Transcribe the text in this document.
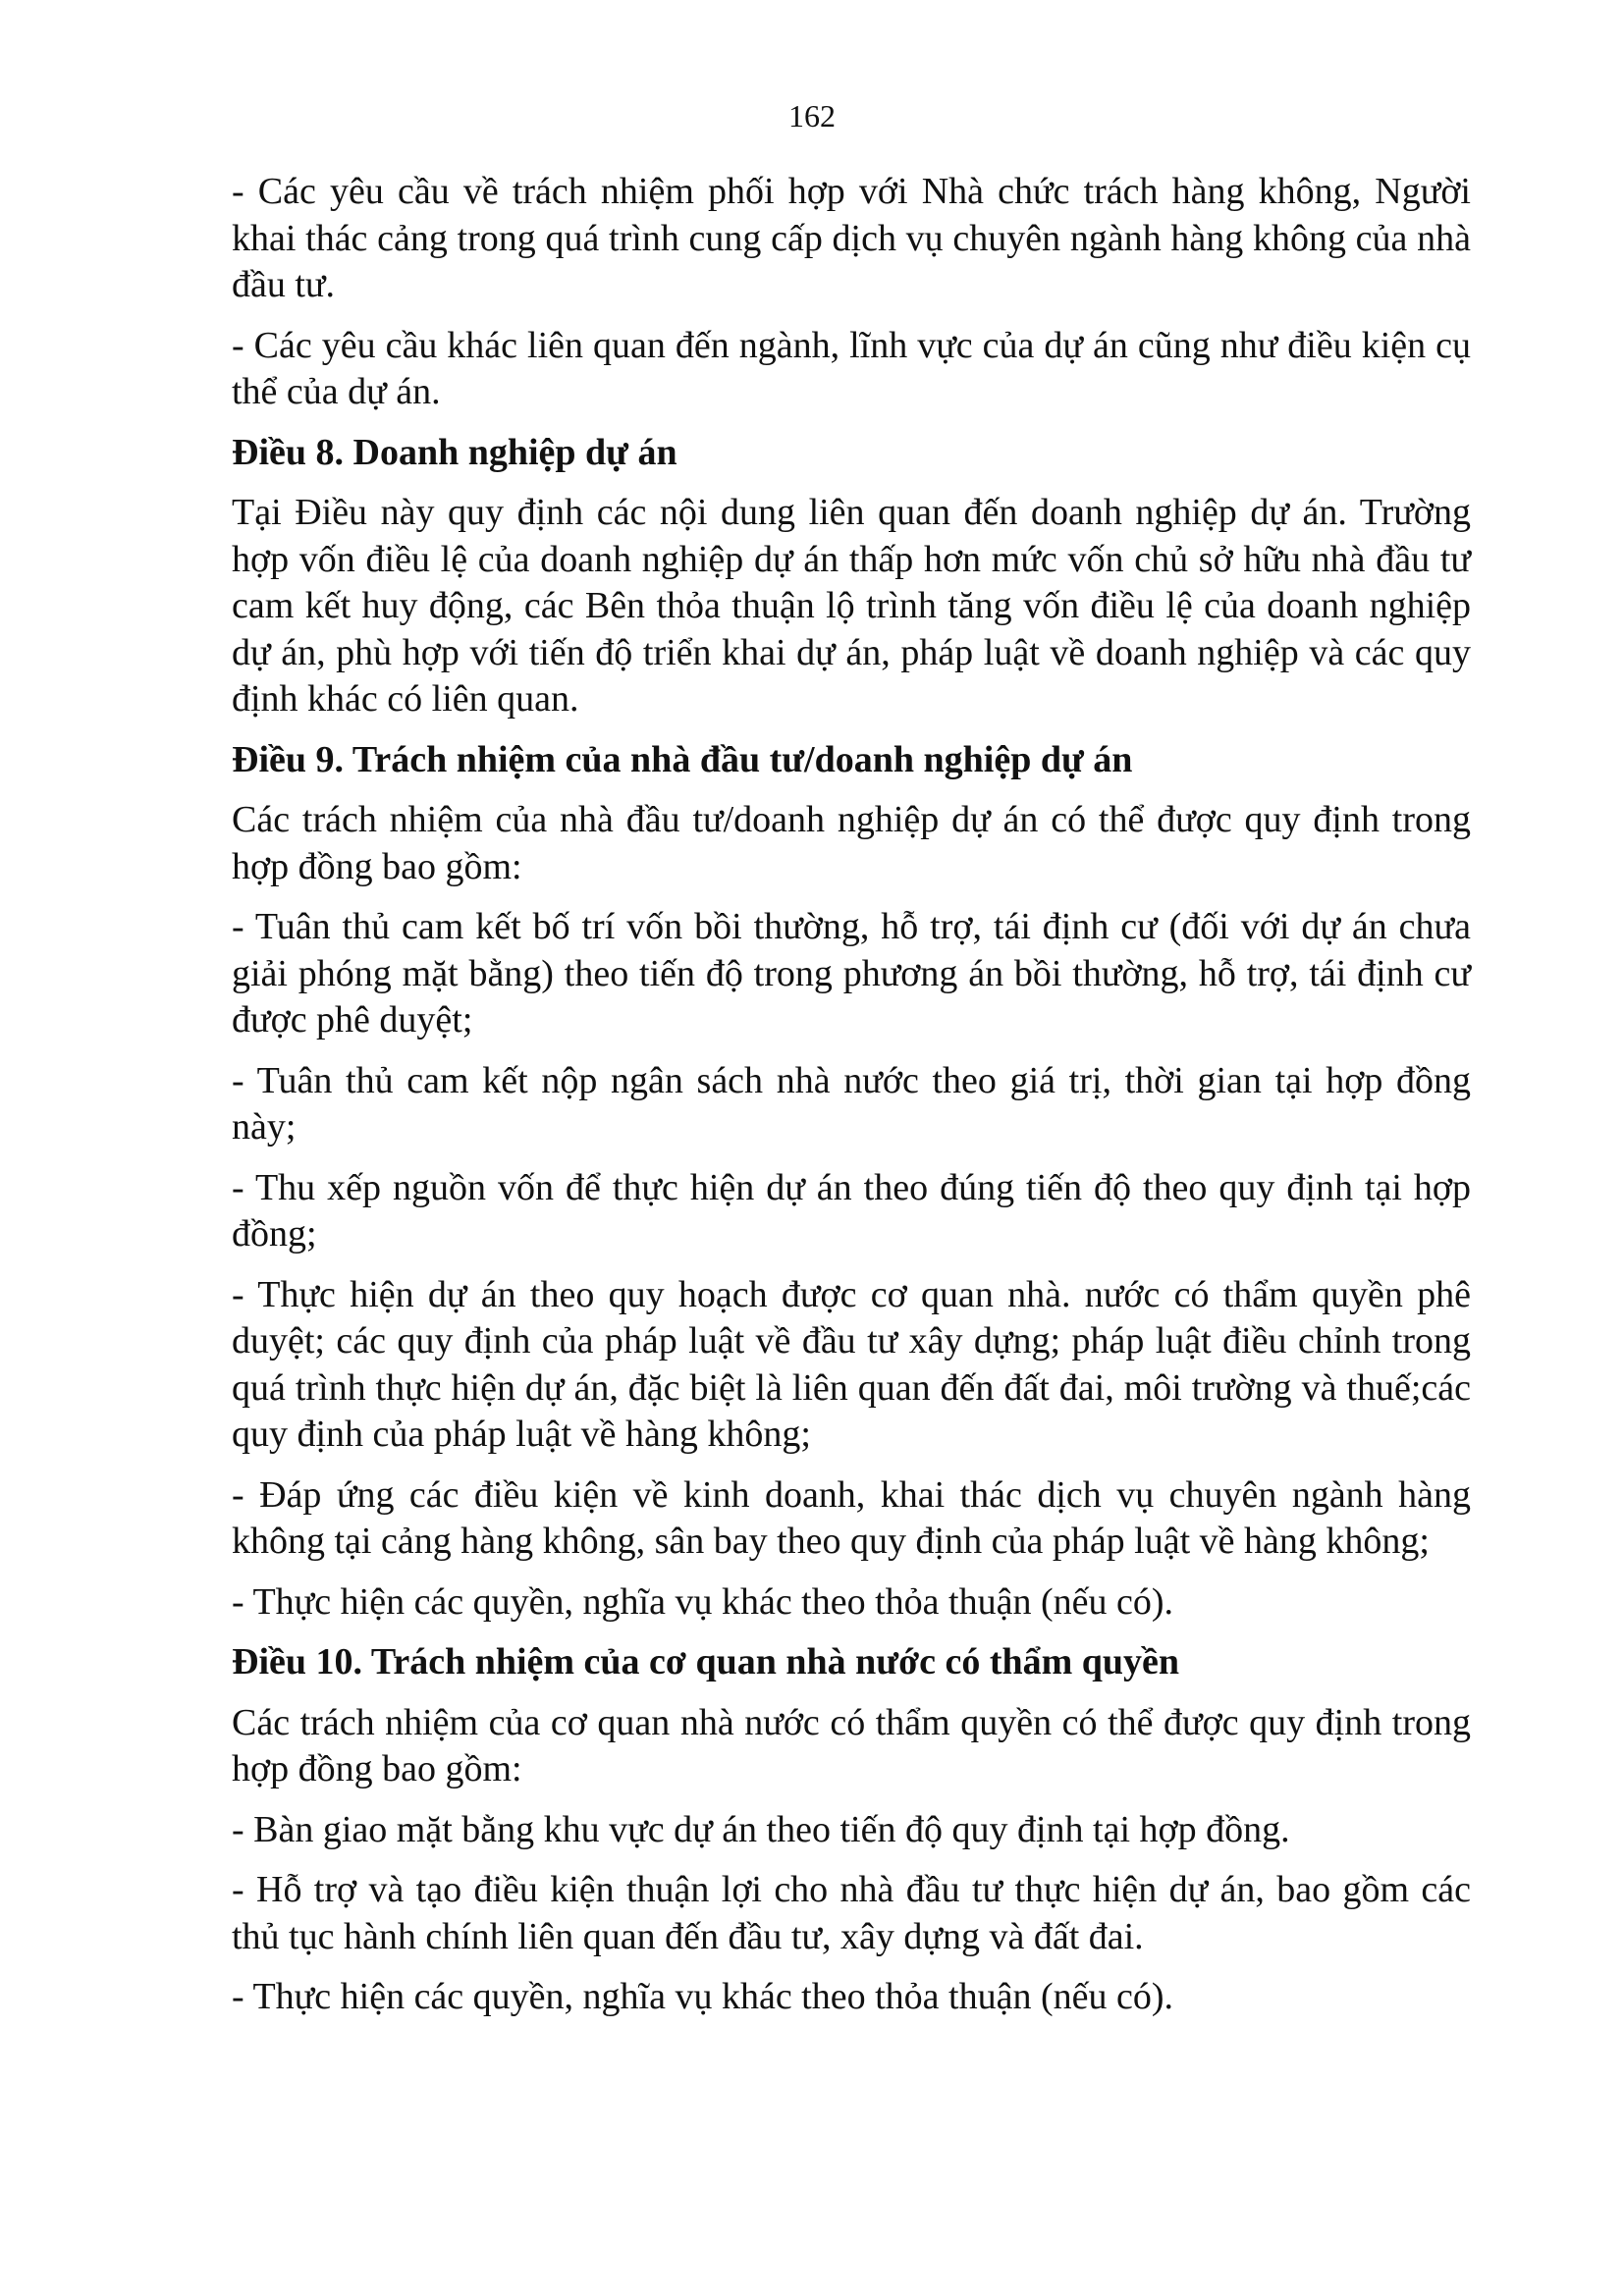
162

- Các yêu cầu về trách nhiệm phối hợp với Nhà chức trách hàng không, Người khai thác cảng trong quá trình cung cấp dịch vụ chuyên ngành hàng không của nhà đầu tư.

- Các yêu cầu khác liên quan đến ngành, lĩnh vực của dự án cũng như điều kiện cụ thể của dự án.

Điều 8. Doanh nghiệp dự án

Tại Điều này quy định các nội dung liên quan đến doanh nghiệp dự án. Trường hợp vốn điều lệ của doanh nghiệp dự án thấp hơn mức vốn chủ sở hữu nhà đầu tư cam kết huy động, các Bên thỏa thuận lộ trình tăng vốn điều lệ của doanh nghiệp dự án, phù hợp với tiến độ triển khai dự án, pháp luật về doanh nghiệp và các quy định khác có liên quan.

Điều 9. Trách nhiệm của nhà đầu tư/doanh nghiệp dự án

Các trách nhiệm của nhà đầu tư/doanh nghiệp dự án có thể được quy định trong hợp đồng bao gồm:

- Tuân thủ cam kết bố trí vốn bồi thường, hỗ trợ, tái định cư (đối với dự án chưa giải phóng mặt bằng) theo tiến độ trong phương án bồi thường, hỗ trợ, tái định cư được phê duyệt;

- Tuân thủ cam kết nộp ngân sách nhà nước theo giá trị, thời gian tại hợp đồng này;

- Thu xếp nguồn vốn để thực hiện dự án theo đúng tiến độ theo quy định tại hợp đồng;

- Thực hiện dự án theo quy hoạch được cơ quan nhà. nước có thẩm quyền phê duyệt; các quy định của pháp luật về đầu tư xây dựng; pháp luật điều chỉnh trong quá trình thực hiện dự án, đặc biệt là liên quan đến đất đai, môi trường và thuế;các quy định của pháp luật về hàng không;

- Đáp ứng các điều kiện về kinh doanh, khai thác dịch vụ chuyên ngành hàng không tại cảng hàng không, sân bay theo quy định của pháp luật về hàng không;

- Thực hiện các quyền, nghĩa vụ khác theo thỏa thuận (nếu có).

Điều 10. Trách nhiệm của cơ quan nhà nước có thẩm quyền

Các trách nhiệm của cơ quan nhà nước có thẩm quyền có thể được quy định trong hợp đồng bao gồm:

- Bàn giao mặt bằng khu vực dự án theo tiến độ quy định tại hợp đồng.

- Hỗ trợ và tạo điều kiện thuận lợi cho nhà đầu tư thực hiện dự án, bao gồm các thủ tục hành chính liên quan đến đầu tư, xây dựng và đất đai.

- Thực hiện các quyền, nghĩa vụ khác theo thỏa thuận (nếu có).
